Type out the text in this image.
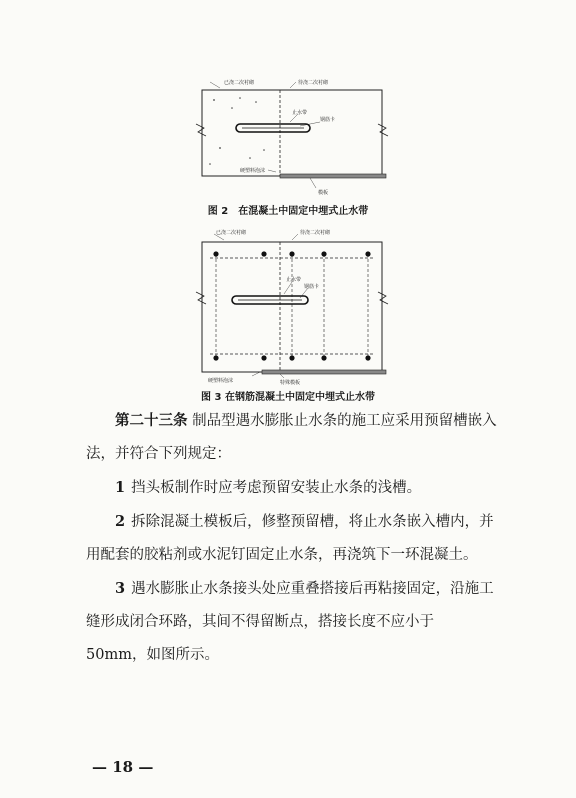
已浇二次衬砌	待浇二次衬砌
止水带
钢筋卡
硬塑料泡沫
模板
图 2　在混凝土中固定中埋式止水带
已浇二次衬砌	待浇二次衬砌
止水带
钢筋卡
硬塑料泡沫	特殊模板
图 3 在钢筋混凝土中固定中埋式止水带

第二十三条 制品型遇水膨胀止水条的施工应采用预留槽嵌入法，并符合下列规定：

1 挡头板制作时应考虑预留安装止水条的浅槽。

2 拆除混凝土模板后，修整预留槽，将止水条嵌入槽内，并用配套的胶粘剂或水泥钉固定止水条，再浇筑下一环混凝土。

3 遇水膨胀止水条接头处应重叠搭接后再粘接固定，沿施工缝形成闭合环路，其间不得留断点，搭接长度不应小于 50mm，如图所示。

— 18 —
